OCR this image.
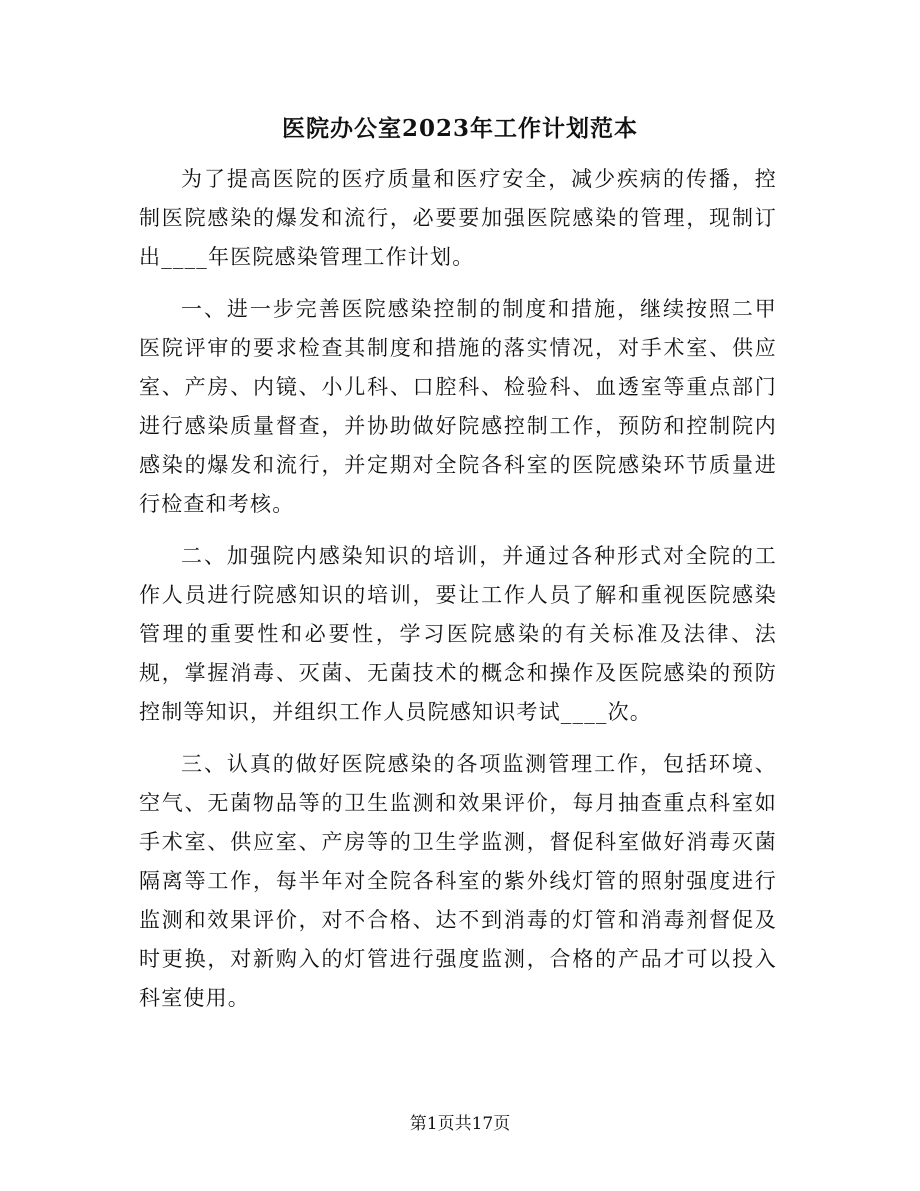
医院办公室2023年工作计划范本

为了提高医院的医疗质量和医疗安全，减少疾病的传播，控制医院感染的爆发和流行，必要要加强医院感染的管理，现制订出____年医院感染管理工作计划。

一、进一步完善医院感染控制的制度和措施，继续按照二甲医院评审的要求检查其制度和措施的落实情况，对手术室、供应室、产房、内镜、小儿科、口腔科、检验科、血透室等重点部门进行感染质量督查，并协助做好院感控制工作，预防和控制院内感染的爆发和流行，并定期对全院各科室的医院感染环节质量进行检查和考核。

二、加强院内感染知识的培训，并通过各种形式对全院的工作人员进行院感知识的培训，要让工作人员了解和重视医院感染管理的重要性和必要性，学习医院感染的有关标准及法律、法规，掌握消毒、灭菌、无菌技术的概念和操作及医院感染的预防控制等知识，并组织工作人员院感知识考试____次。

三、认真的做好医院感染的各项监测管理工作，包括环境、空气、无菌物品等的卫生监测和效果评价，每月抽查重点科室如手术室、供应室、产房等的卫生学监测，督促科室做好消毒灭菌隔离等工作，每半年对全院各科室的紫外线灯管的照射强度进行监测和效果评价，对不合格、达不到消毒的灯管和消毒剂督促及时更换，对新购入的灯管进行强度监测，合格的产品才可以投入科室使用。

第1页共17页
